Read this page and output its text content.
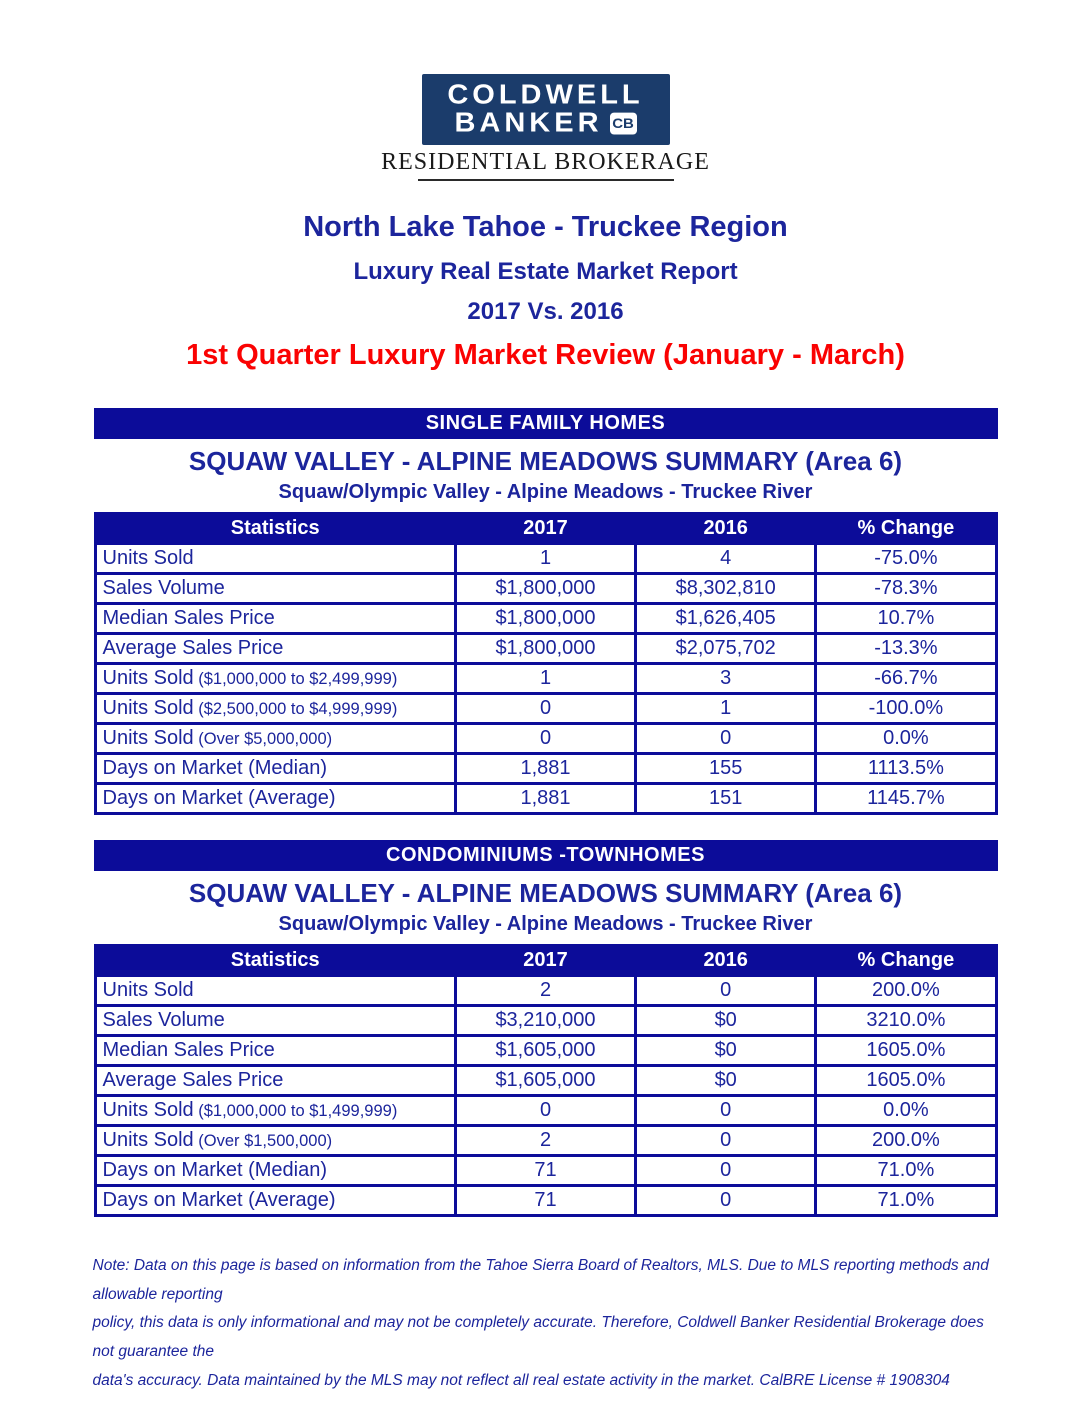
COLDWELL
BANKER CB
RESIDENTIAL BROKERAGE
North Lake Tahoe - Truckee Region
Luxury Real Estate Market Report
2017 Vs. 2016
1st Quarter Luxury Market Review (January - March)
SINGLE FAMILY HOMES
SQUAW VALLEY - ALPINE MEADOWS SUMMARY (Area 6)
Squaw/Olympic Valley - Alpine Meadows - Truckee River
Statistics	2017	2016	% Change
Units Sold	1	4	-75.0%
Sales Volume	$1,800,000	$8,302,810	-78.3%
Median Sales Price	$1,800,000	$1,626,405	10.7%
Average Sales Price	$1,800,000	$2,075,702	-13.3%
Units Sold ($1,000,000 to $2,499,999)	1	3	-66.7%
Units Sold ($2,500,000 to $4,999,999)	0	1	-100.0%
Units Sold (Over $5,000,000)	0	0	0.0%
Days on Market (Median)	1,881	155	1113.5%
Days on Market (Average)	1,881	151	1145.7%
CONDOMINIUMS -TOWNHOMES
SQUAW VALLEY - ALPINE MEADOWS SUMMARY (Area 6)
Squaw/Olympic Valley - Alpine Meadows - Truckee River
Statistics	2017	2016	% Change
Units Sold	2	0	200.0%
Sales Volume	$3,210,000	$0	3210.0%
Median Sales Price	$1,605,000	$0	1605.0%
Average Sales Price	$1,605,000	$0	1605.0%
Units Sold ($1,000,000 to $1,499,999)	0	0	0.0%
Units Sold (Over $1,500,000)	2	0	200.0%
Days on Market (Median)	71	0	71.0%
Days on Market (Average)	71	0	71.0%
Note: Data on this page is based on information from the Tahoe Sierra Board of Realtors, MLS. Due to MLS reporting methods and allowable reporting
policy, this data is only informational and may not be completely accurate. Therefore, Coldwell Banker Residential Brokerage does not guarantee the
data's accuracy. Data maintained by the MLS may not reflect all real estate activity in the market. CalBRE License # 1908304
